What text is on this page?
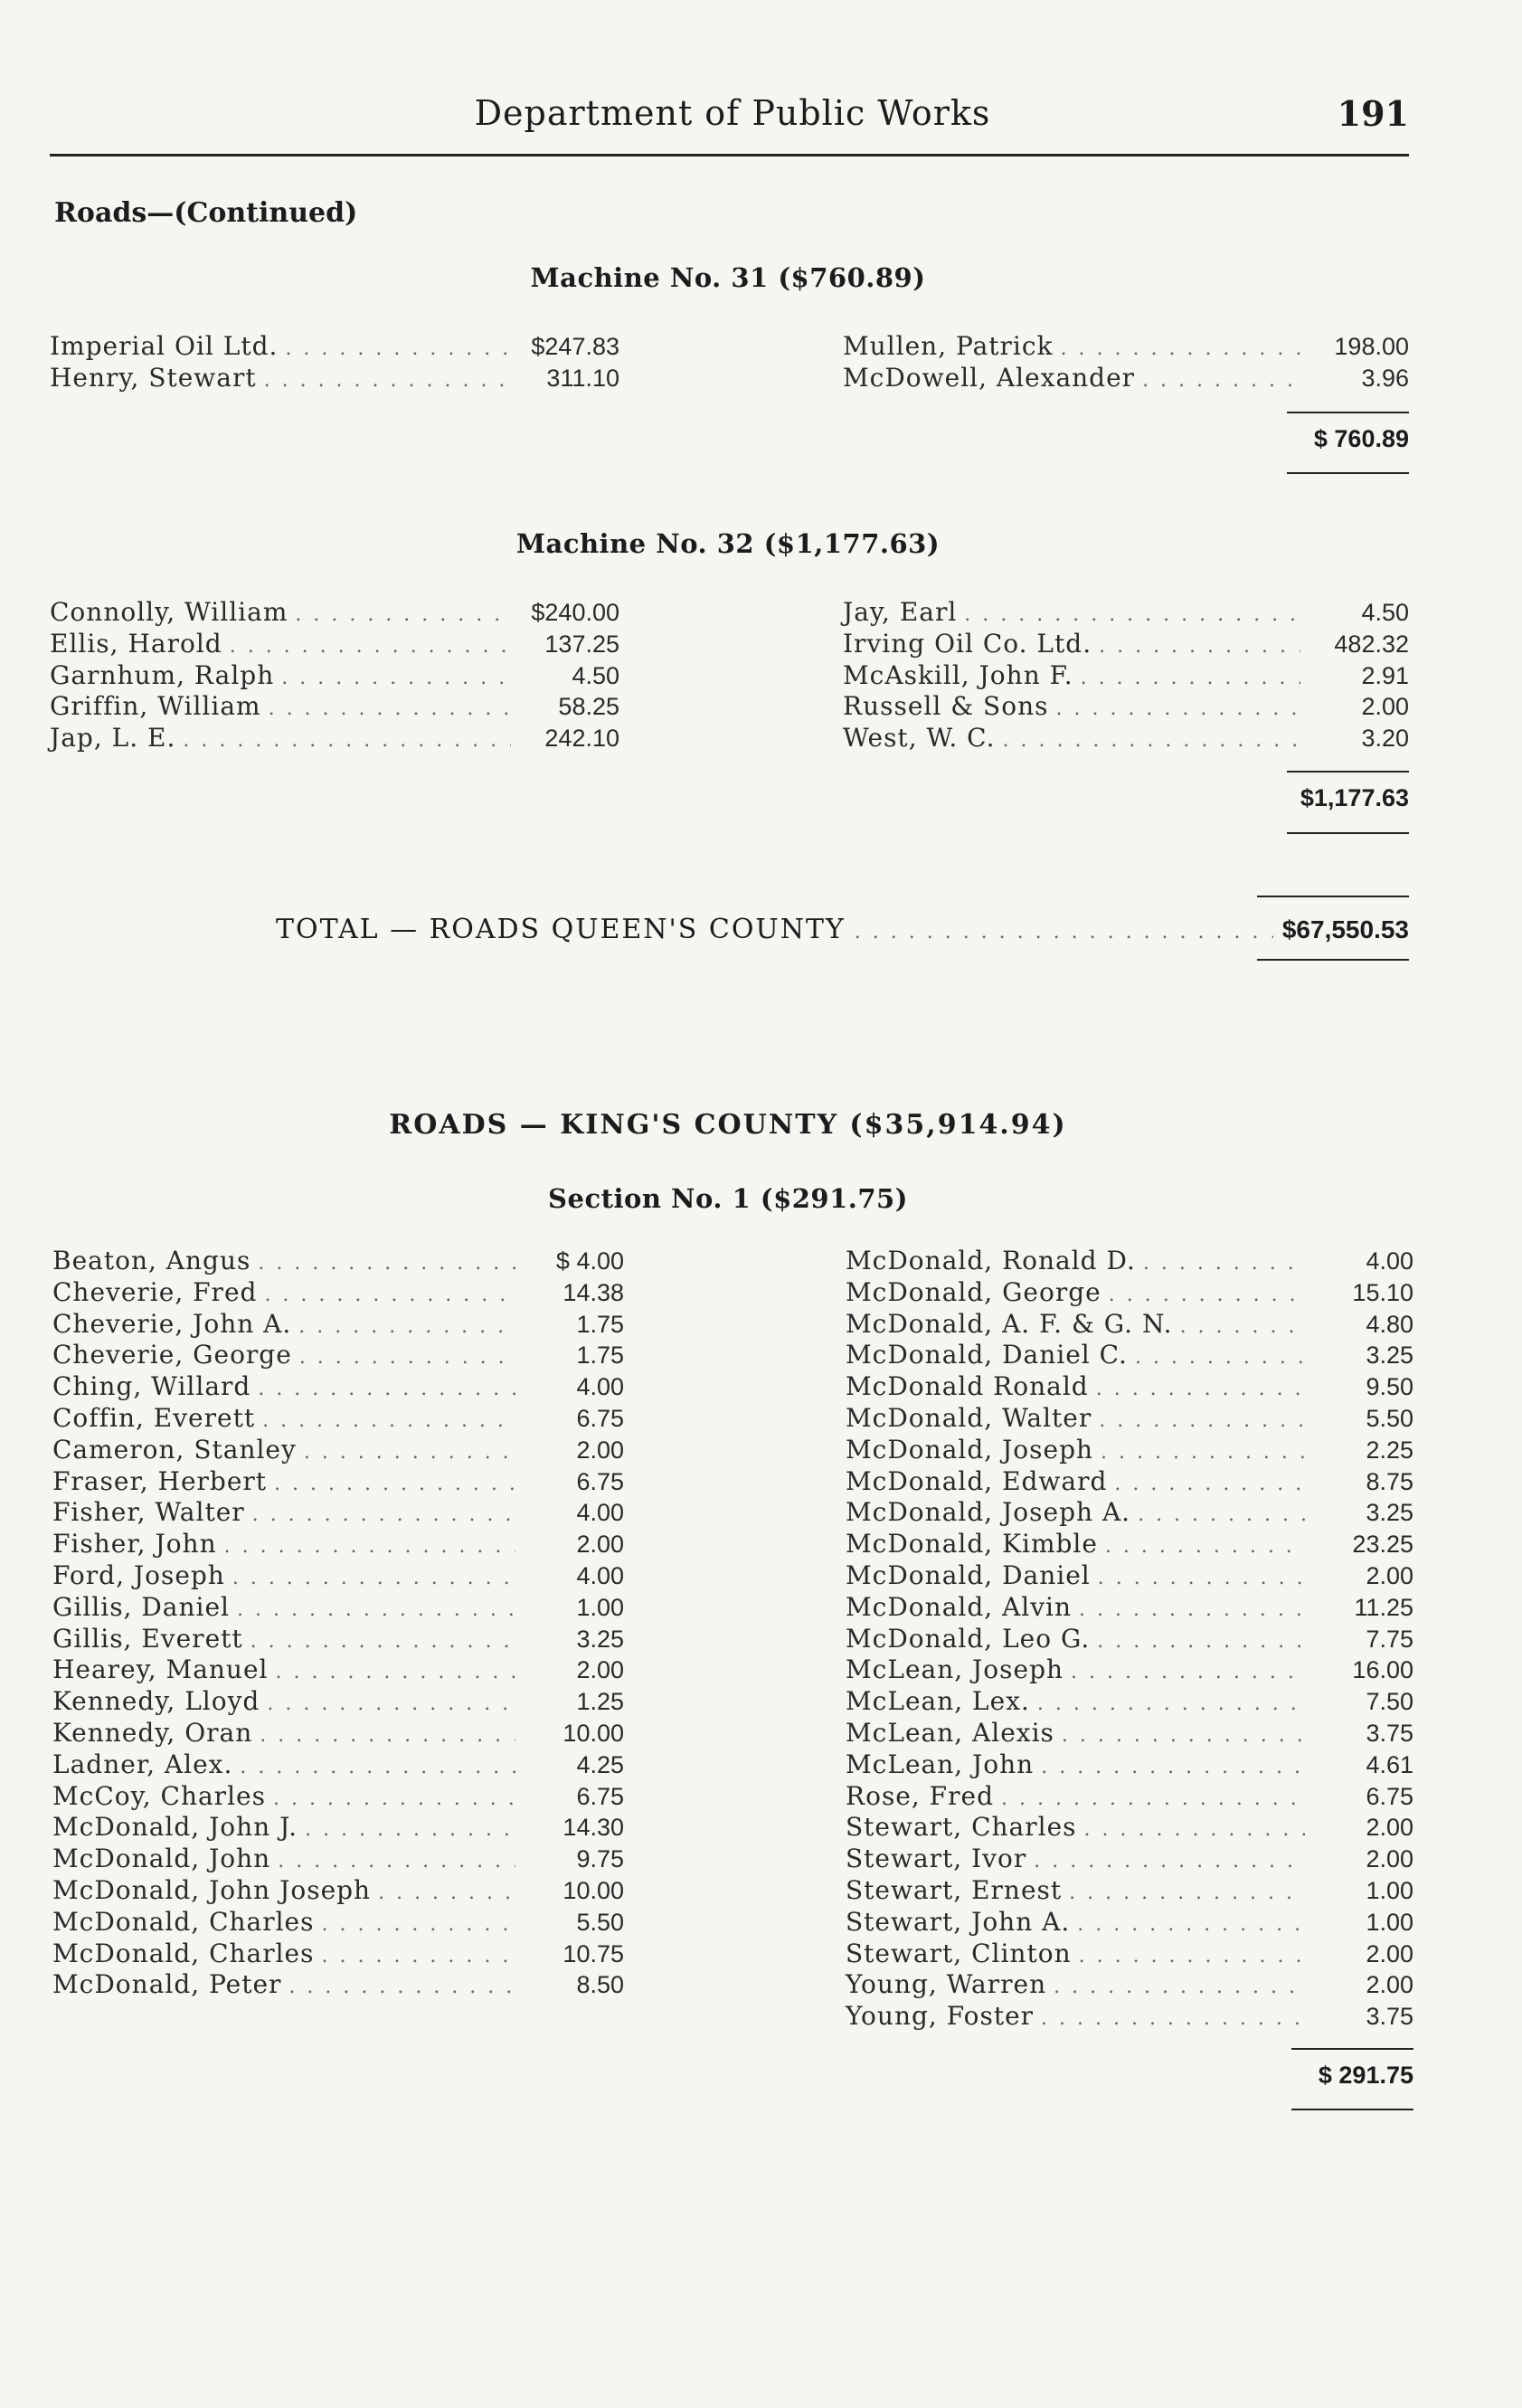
Department of Public Works	191
Roads—(Continued)
Machine No. 31 ($760.89)
Imperial Oil Ltd. . . .	$247.83
Henry, Stewart . . .	311.10
Mullen, Patrick . . .	198.00
McDowell, Alexander . . .	3.96
$ 760.89
Machine No. 32 ($1,177.63)
Connolly, William . . .	$240.00
Ellis, Harold . . .	137.25
Garnhum, Ralph . . .	4.50
Griffin, William . . .	58.25
Jap, L. E. . . .	242.10
Jay, Earl . . .	4.50
Irving Oil Co. Ltd. . . .	482.32
McAskill, John F. . . .	2.91
Russell & Sons . . .	2.00
West, W. C. . . .	3.20
$1,177.63
TOTAL — ROADS QUEEN'S COUNTY . . .	$67,550.53
ROADS — KING'S COUNTY ($35,914.94)
Section No. 1 ($291.75)
Beaton, Angus . . .	$ 4.00
Cheverie, Fred . . .	14.38
Cheverie, John A. . . .	1.75
Cheverie, George . . .	1.75
Ching, Willard . . .	4.00
Coffin, Everett . . .	6.75
Cameron, Stanley . . .	2.00
Fraser, Herbert . . .	6.75
Fisher, Walter . . .	4.00
Fisher, John . . .	2.00
Ford, Joseph . . .	4.00
Gillis, Daniel . . .	1.00
Gillis, Everett . . .	3.25
Hearey, Manuel . . .	2.00
Kennedy, Lloyd . . .	1.25
Kennedy, Oran . . .	10.00
Ladner, Alex. . . .	4.25
McCoy, Charles . . .	6.75
McDonald, John J. . . .	14.30
McDonald, John . . .	9.75
McDonald, John Joseph . . .	10.00
McDonald, Charles . . .	5.50
McDonald, Charles . . .	10.75
McDonald, Peter . . .	8.50
McDonald, Ronald D. . . .	4.00
McDonald, George . . .	15.10
McDonald, A. F. & G. N. . . .	4.80
McDonald, Daniel C. . . .	3.25
McDonald Ronald . . .	9.50
McDonald, Walter . . .	5.50
McDonald, Joseph . . .	2.25
McDonald, Edward . . .	8.75
McDonald, Joseph A. . . .	3.25
McDonald, Kimble . . .	23.25
McDonald, Daniel . . .	2.00
McDonald, Alvin . . .	11.25
McDonald, Leo G. . . .	7.75
McLean, Joseph . . .	16.00
McLean, Lex. . . .	7.50
McLean, Alexis . . .	3.75
McLean, John . . .	4.61
Rose, Fred . . .	6.75
Stewart, Charles . . .	2.00
Stewart, Ivor . . .	2.00
Stewart, Ernest . . .	1.00
Stewart, John A. . . .	1.00
Stewart, Clinton . . .	2.00
Young, Warren . . .	2.00
Young, Foster . . .	3.75
$ 291.75
